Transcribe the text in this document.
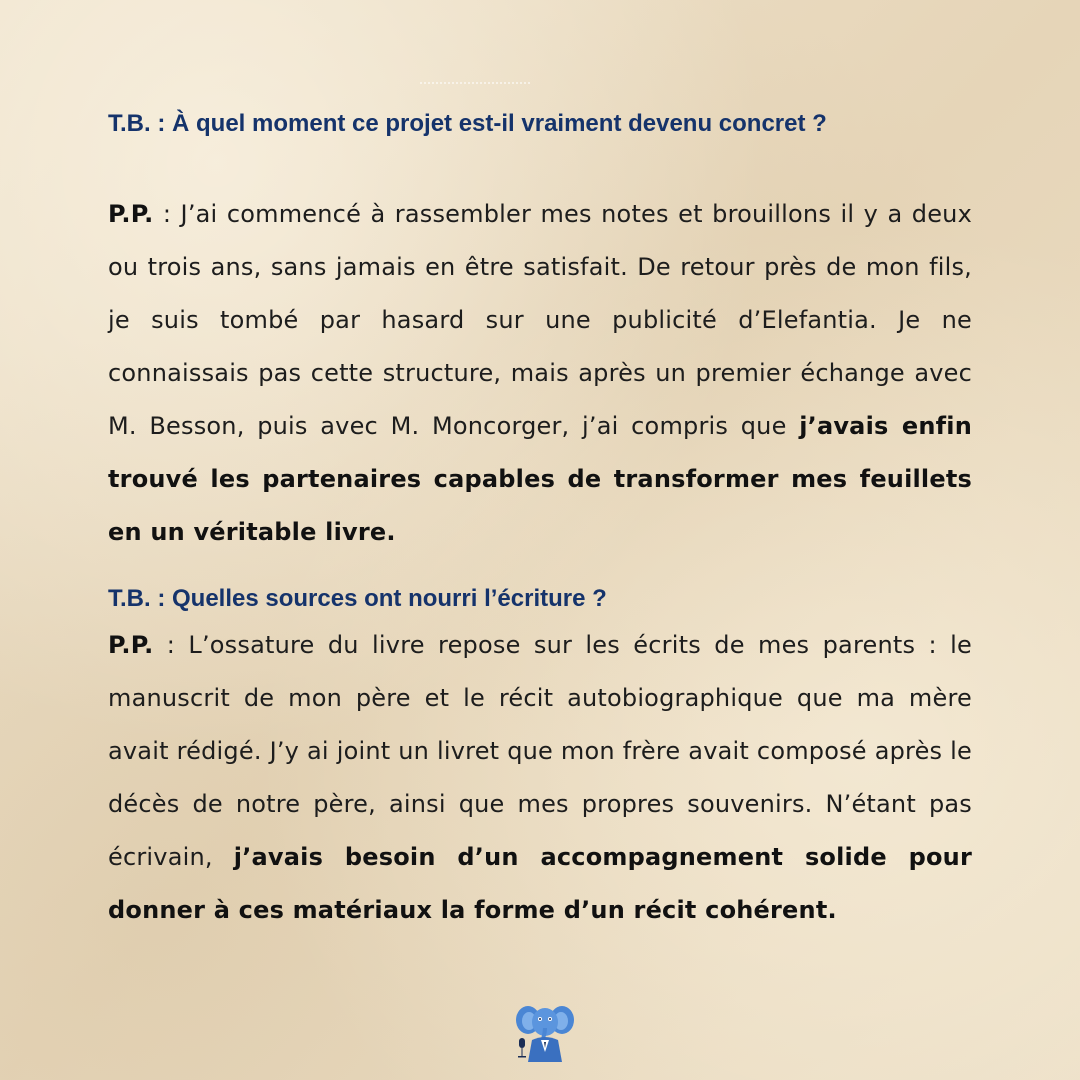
T.B. : À quel moment ce projet est-il vraiment devenu concret ?

P.P. : J’ai commencé à rassembler mes notes et brouillons il y a deux ou trois ans, sans jamais en être satisfait. De retour près de mon fils, je suis tombé par hasard sur une publicité d’Elefantia. Je ne connaissais pas cette structure, mais après un premier échange avec M. Besson, puis avec M. Moncorger, j’ai compris que j’avais enfin trouvé les partenaires capables de transformer mes feuillets en un véritable livre.

T.B. : Quelles sources ont nourri l’écriture ?

P.P. : L’ossature du livre repose sur les écrits de mes parents : le manuscrit de mon père et le récit autobiographique que ma mère avait rédigé. J’y ai joint un livret que mon frère avait composé après le décès de notre père, ainsi que mes propres souvenirs. N’étant pas écrivain, j’avais besoin d’un accompagnement solide pour donner à ces matériaux la forme d’un récit cohérent.
